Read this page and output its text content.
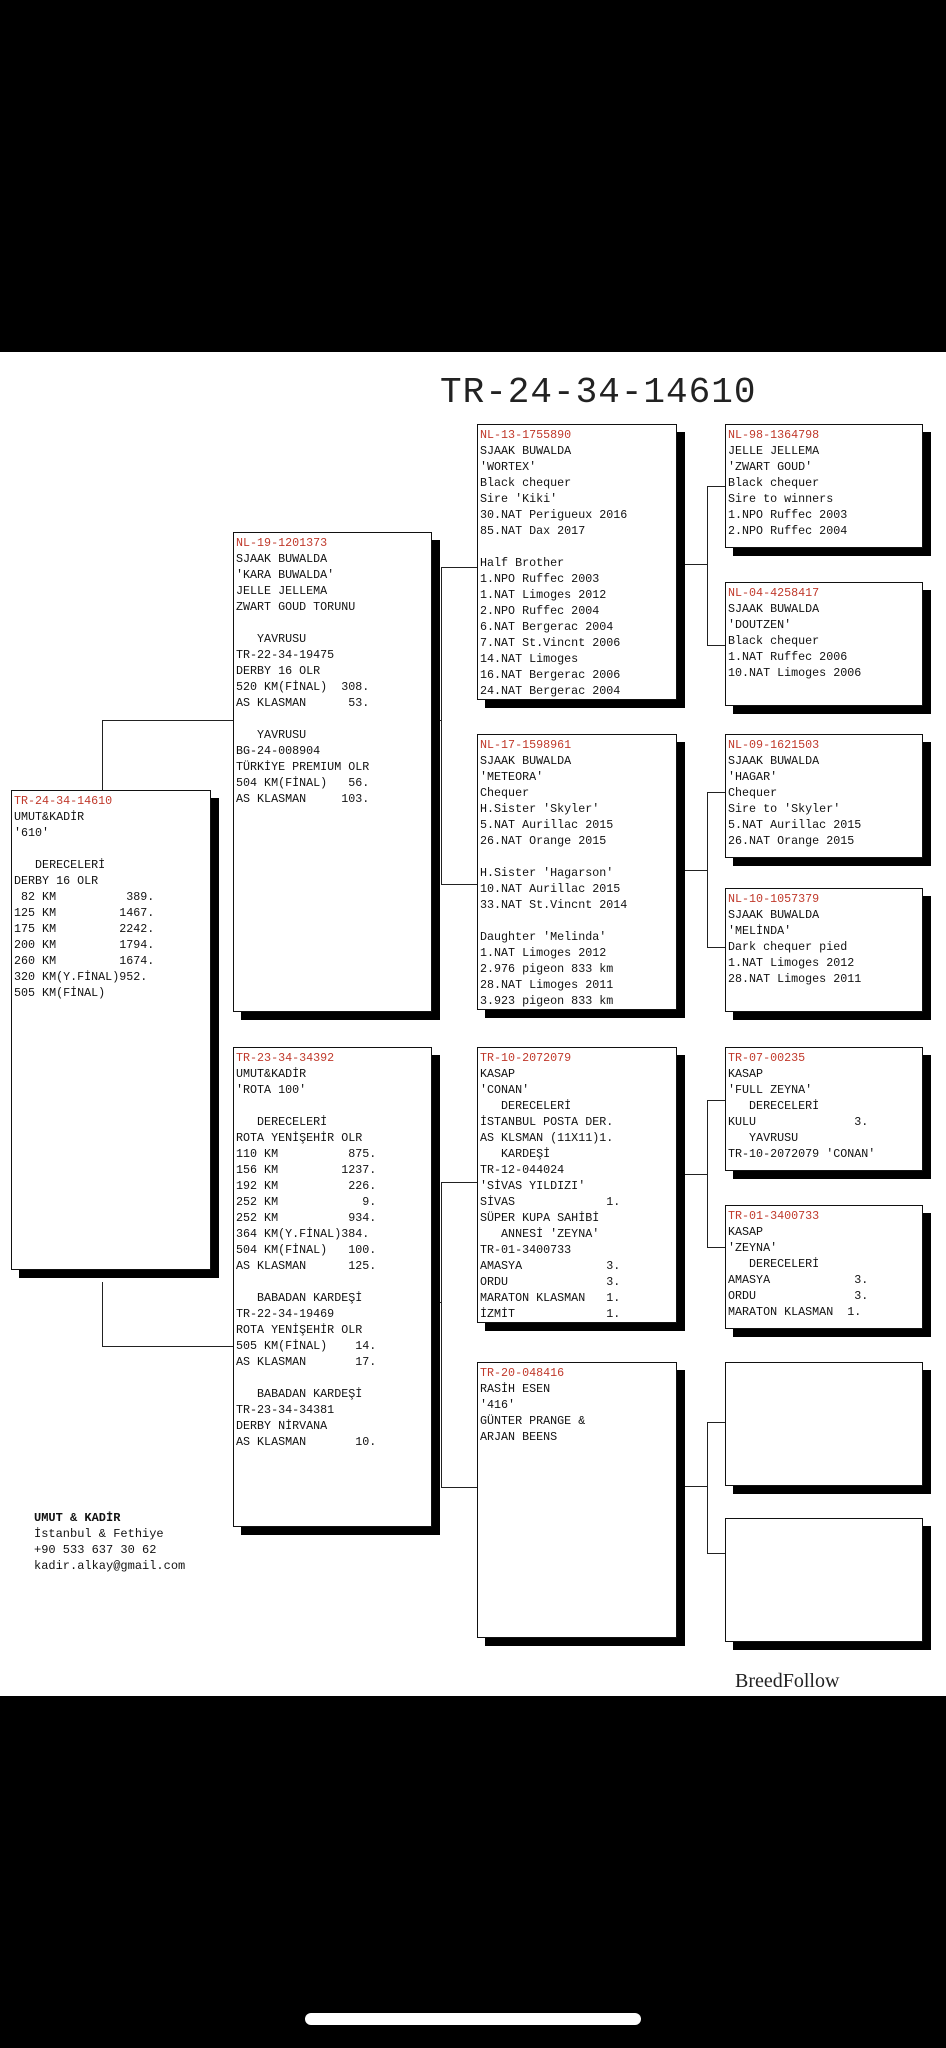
TR-24-34-14610
TR-24-34-14610
UMUT&KADİR
'610'
DERECELERİ
DERBY 16 OLR
82 KM          389.
125 KM         1467.
175 KM         2242.
200 KM         1794.
260 KM         1674.
320 KM(Y.FİNAL)952.
505 KM(FİNAL)
NL-19-1201373
SJAAK BUWALDA
'KARA BUWALDA'
JELLE JELLEMA
ZWART GOUD TORUNU
YAVRUSU
TR-22-34-19475
DERBY 16 OLR
520 KM(FİNAL)  308.
AS KLASMAN      53.
YAVRUSU
BG-24-008904
TÜRKİYE PREMIUM OLR
504 KM(FİNAL)   56.
AS KLASMAN     103.
TR-23-34-34392
UMUT&KADİR
'ROTA 100'
DERECELERİ
ROTA YENİŞEHİR OLR
110 KM          875.
156 KM         1237.
192 KM          226.
252 KM            9.
252 KM          934.
364 KM(Y.FİNAL)384.
504 KM(FİNAL)   100.
AS KLASMAN      125.
BABADAN KARDEŞİ
TR-22-34-19469
ROTA YENİŞEHİR OLR
505 KM(FİNAL)    14.
AS KLASMAN       17.
BABADAN KARDEŞİ
TR-23-34-34381
DERBY NİRVANA
AS KLASMAN       10.
NL-13-1755890
SJAAK BUWALDA
'WORTEX'
Black chequer
Sire 'Kiki'
30.NAT Perigueux 2016
85.NAT Dax 2017
Half Brother
1.NPO Ruffec 2003
1.NAT Limoges 2012
2.NPO Ruffec 2004
6.NAT Bergerac 2004
7.NAT St.Vincnt 2006
14.NAT Limoges
16.NAT Bergerac 2006
24.NAT Bergerac 2004
NL-17-1598961
SJAAK BUWALDA
'METEORA'
Chequer
H.Sister 'Skyler'
5.NAT Aurillac 2015
26.NAT Orange 2015
H.Sister 'Hagarson'
10.NAT Aurillac 2015
33.NAT St.Vincnt 2014
Daughter 'Melinda'
1.NAT Limoges 2012
2.976 pigeon 833 km
28.NAT Limoges 2011
3.923 pigeon 833 km
TR-10-2072079
KASAP
'CONAN'
DERECELERİ
İSTANBUL POSTA DER.
AS KLSMAN (11X11)1.
KARDEŞİ
TR-12-044024
'SİVAS YILDIZI'
SİVAS             1.
SÜPER KUPA SAHİBİ
ANNESİ 'ZEYNA'
TR-01-3400733
AMASYA            3.
ORDU              3.
MARATON KLASMAN   1.
İZMİT             1.
TR-20-048416
RASİH ESEN
'416'
GÜNTER PRANGE &
ARJAN BEENS
NL-98-1364798
JELLE JELLEMA
'ZWART GOUD'
Black chequer
Sire to winners
1.NPO Ruffec 2003
2.NPO Ruffec 2004
NL-04-4258417
SJAAK BUWALDA
'DOUTZEN'
Black chequer
1.NAT Ruffec 2006
10.NAT Limoges 2006
NL-09-1621503
SJAAK BUWALDA
'HAGAR'
Chequer
Sire to 'Skyler'
5.NAT Aurillac 2015
26.NAT Orange 2015
NL-10-1057379
SJAAK BUWALDA
'MELİNDA'
Dark chequer pied
1.NAT Limoges 2012
28.NAT Limoges 2011
TR-07-00235
KASAP
'FULL ZEYNA'
DERECELERİ
KULU              3.
YAVRUSU
TR-10-2072079 'CONAN'
TR-01-3400733
KASAP
'ZEYNA'
DERECELERİ
AMASYA            3.
ORDU              3.
MARATON KLASMAN  1.
UMUT & KADİR
İstanbul & Fethiye
+90 533 637 30 62
kadir.alkay@gmail.com
BreedFollow
